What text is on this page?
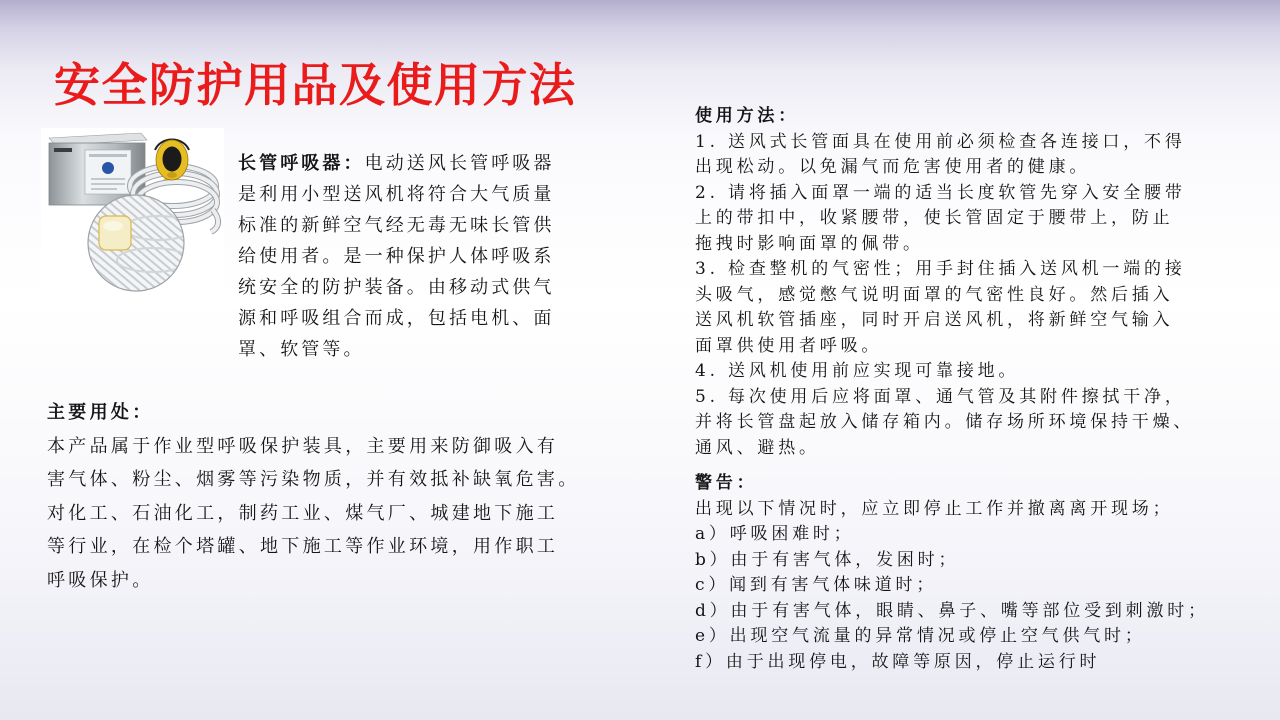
安全防护用品及使用方法
长管呼吸器：电动送风长管呼吸器
是利用小型送风机将符合大气质量
标准的新鲜空气经无毒无味长管供
给使用者。是一种保护人体呼吸系
统安全的防护装备。由移动式供气
源和呼吸组合而成，包括电机、面
罩、软管等。
主要用处：
本产品属于作业型呼吸保护装具，主要用来防御吸入有
害气体、粉尘、烟雾等污染物质，并有效抵补缺氧危害。
对化工、石油化工，制药工业、煤气厂、城建地下施工
等行业，在检个塔罐、地下施工等作业环境，用作职工
呼吸保护。
使用方法：
1. 送风式长管面具在使用前必须检查各连接口，不得
出现松动。以免漏气而危害使用者的健康。
2. 请将插入面罩一端的适当长度软管先穿入安全腰带
上的带扣中，收紧腰带，使长管固定于腰带上，防止
拖拽时影响面罩的佩带。
3. 检查整机的气密性；用手封住插入送风机一端的接
头吸气，感觉憋气说明面罩的气密性良好。然后插入
送风机软管插座，同时开启送风机，将新鲜空气输入
面罩供使用者呼吸。
4. 送风机使用前应实现可靠接地。
5. 每次使用后应将面罩、通气管及其附件擦拭干净，
并将长管盘起放入储存箱内。储存场所环境保持干燥、
通风、避热。
警告：
出现以下情况时，应立即停止工作并撤离离开现场；
a）呼吸困难时；
b）由于有害气体，发困时；
c）闻到有害气体味道时；
d）由于有害气体，眼睛、鼻子、嘴等部位受到刺激时；
e）出现空气流量的异常情况或停止空气供气时；
f）由于出现停电，故障等原因，停止运行时
